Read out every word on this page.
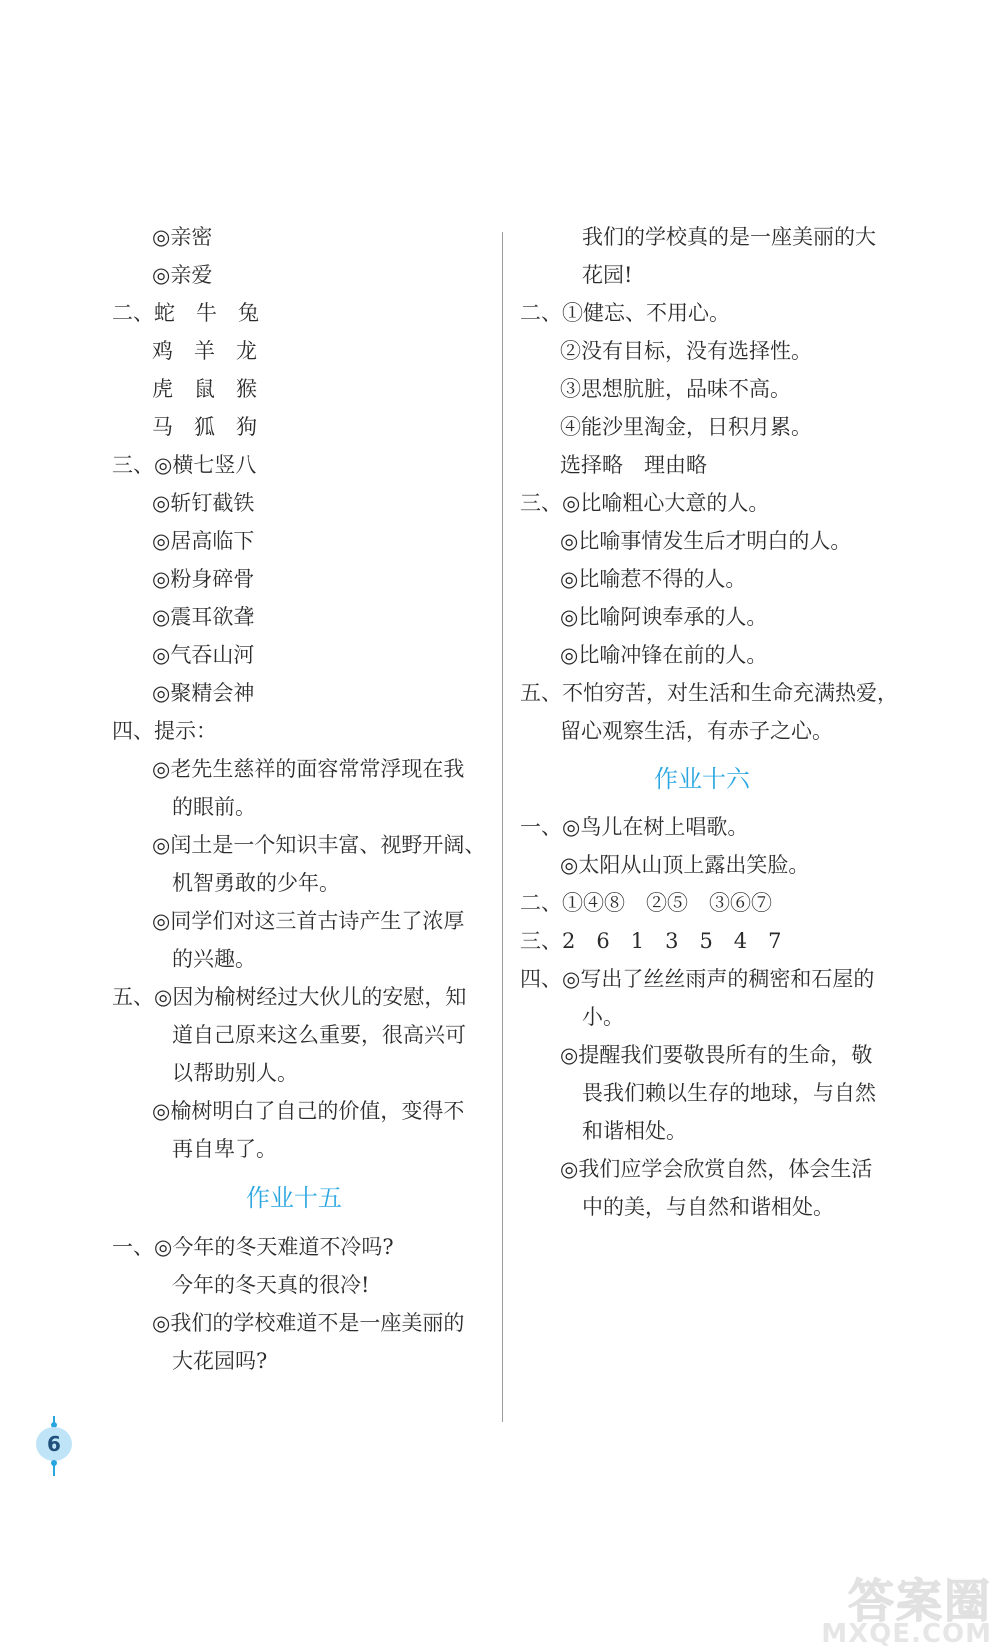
◎亲密
◎亲爱
二、蛇　牛　兔
鸡　羊　龙
虎　鼠　猴
马　狐　狗
三、◎横七竖八
◎斩钉截铁
◎居高临下
◎粉身碎骨
◎震耳欲聋
◎气吞山河
◎聚精会神
四、提示：
◎老先生慈祥的面容常常浮现在我
的眼前。
◎闰土是一个知识丰富、视野开阔、
机智勇敢的少年。
◎同学们对这三首古诗产生了浓厚
的兴趣。
五、◎因为榆树经过大伙儿的安慰，知
道自己原来这么重要，很高兴可
以帮助别人。
◎榆树明白了自己的价值，变得不
再自卑了。
作业十五
一、◎今年的冬天难道不冷吗?
今年的冬天真的很冷!
◎我们的学校难道不是一座美丽的
大花园吗?
我们的学校真的是一座美丽的大
花园!
二、①健忘、不用心。
②没有目标，没有选择性。
③思想肮脏，品味不高。
④能沙里淘金，日积月累。
选择略　理由略
三、◎比喻粗心大意的人。
◎比喻事情发生后才明白的人。
◎比喻惹不得的人。
◎比喻阿谀奉承的人。
◎比喻冲锋在前的人。
五、不怕穷苦，对生活和生命充满热爱，
留心观察生活，有赤子之心。
作业十六
一、◎鸟儿在树上唱歌。
◎太阳从山顶上露出笑脸。
二、①④⑧　②⑤　③⑥⑦
三、2　6　1　3　5　4　7
四、◎写出了丝丝雨声的稠密和石屋的
小。
◎提醒我们要敬畏所有的生命，敬
畏我们赖以生存的地球，与自然
和谐相处。
◎我们应学会欣赏自然，体会生活
中的美，与自然和谐相处。
6
答案圈
MXQE.COM
